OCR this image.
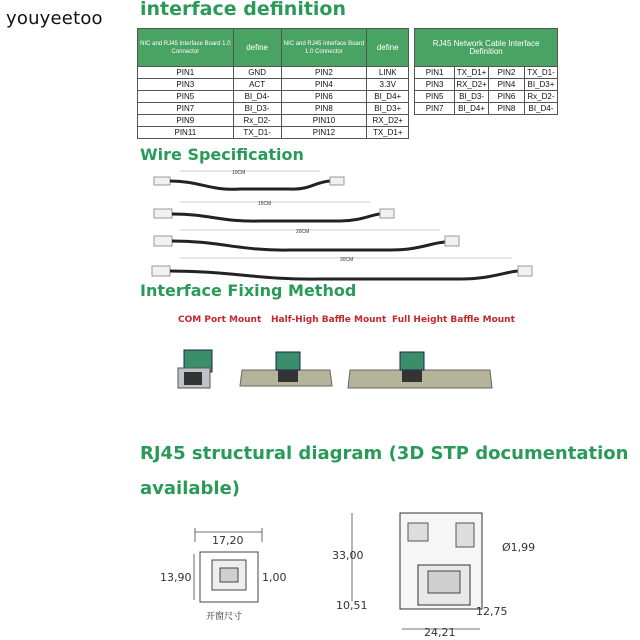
youyeetoo interface definition
NIC and RJ45 Interface Board 1.0 Connector	define	NIC and RJ45 Interface Board 1.0 Connector	define		RJ45 Network Cable Interface Definition			
PIN1	GND	PIN2	LINK		PIN1	TX_D1+	PIN2	TX_D1-
PIN3	ACT	PIN4	3.3V		PIN3	RX_D2+	PIN4	BI_D3+
PIN5	BI_D4-	PIN6	BI_D4+		PIN5	BI_D3-	PIN6	Rx_D2-
PIN7	BI_D3-	PIN8	BI_D3+		PIN7	BI_D4+	PIN8	BI_D4-
PIN9	Rx_D2-	PIN10	RX_D2+					
PIN11	TX_D1-	PIN12	TX_D1+					
Wire Specification
10CM
15CM
20CM
30CM
Interface Fixing Method
COM Port Mount Half-High Baffle Mount Full Height Baffle Mount
RJ45 structural diagram (3D STP documentation
available)
17,20
13,90	1,00
开窗尺寸
33,00
Ø1,99
10,51	12,75
24,21
